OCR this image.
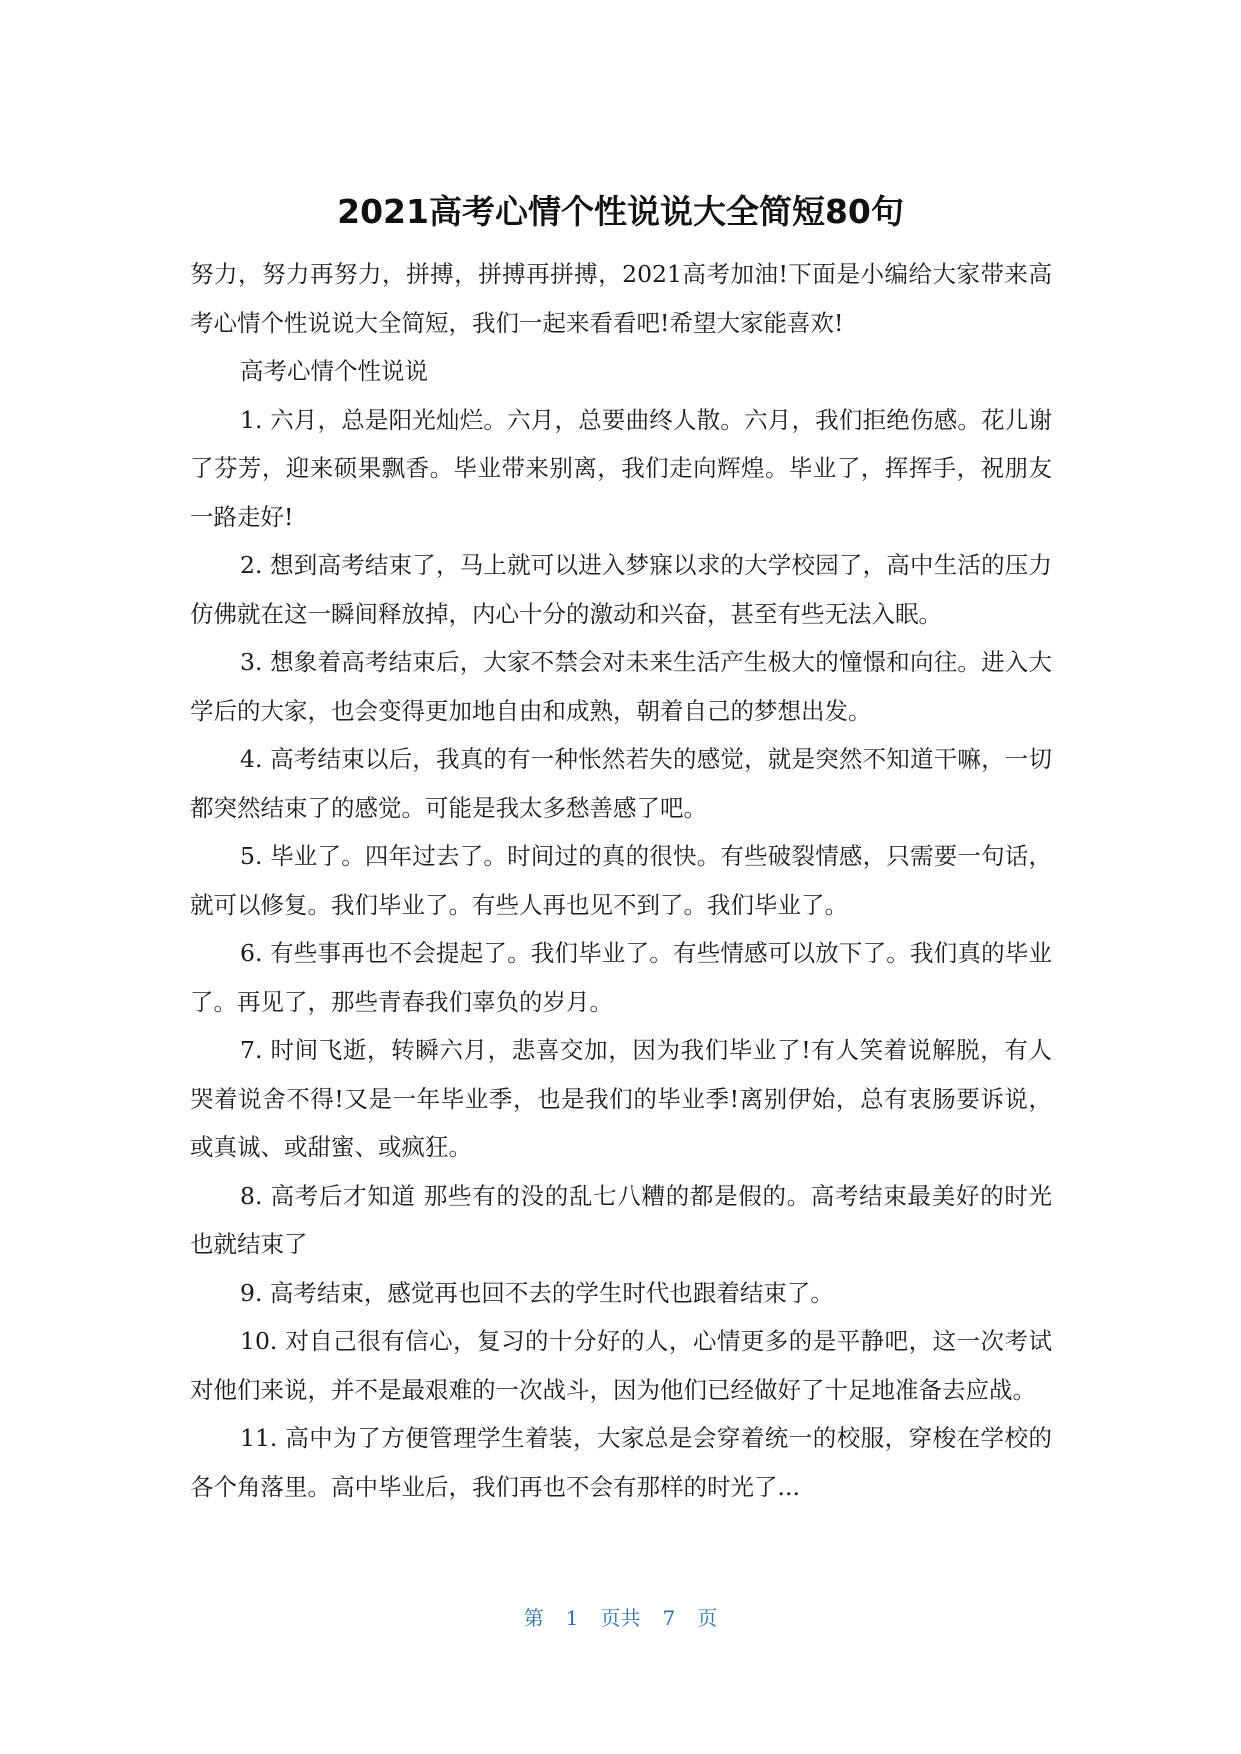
2021高考心情个性说说大全简短80句

努力，努力再努力，拼搏，拼搏再拼搏，2021高考加油!下面是小编给大家带来高考心情个性说说大全简短，我们一起来看看吧!希望大家能喜欢!

高考心情个性说说

1. 六月，总是阳光灿烂。六月，总要曲终人散。六月，我们拒绝伤感。花儿谢了芬芳，迎来硕果飘香。毕业带来别离，我们走向辉煌。毕业了，挥挥手，祝朋友一路走好!

2. 想到高考结束了，马上就可以进入梦寐以求的大学校园了，高中生活的压力仿佛就在这一瞬间释放掉，内心十分的激动和兴奋，甚至有些无法入眠。

3. 想象着高考结束后，大家不禁会对未来生活产生极大的憧憬和向往。进入大学后的大家，也会变得更加地自由和成熟，朝着自己的梦想出发。

4. 高考结束以后，我真的有一种怅然若失的感觉，就是突然不知道干嘛，一切都突然结束了的感觉。可能是我太多愁善感了吧。

5. 毕业了。四年过去了。时间过的真的很快。有些破裂情感，只需要一句话，就可以修复。我们毕业了。有些人再也见不到了。我们毕业了。

6. 有些事再也不会提起了。我们毕业了。有些情感可以放下了。我们真的毕业了。再见了，那些青春我们辜负的岁月。

7. 时间飞逝，转瞬六月，悲喜交加，因为我们毕业了!有人笑着说解脱，有人哭着说舍不得!又是一年毕业季，也是我们的毕业季!离别伊始，总有衷肠要诉说，或真诚、或甜蜜、或疯狂。

8. 高考后才知道 那些有的没的乱七八糟的都是假的。高考结束最美好的时光也就结束了

9. 高考结束，感觉再也回不去的学生时代也跟着结束了。

10. 对自己很有信心，复习的十分好的人，心情更多的是平静吧，这一次考试对他们来说，并不是最艰难的一次战斗，因为他们已经做好了十足地准备去应战。

11. 高中为了方便管理学生着装，大家总是会穿着统一的校服，穿梭在学校的各个角落里。高中毕业后，我们再也不会有那样的时光了...

第 1 页共 7 页
